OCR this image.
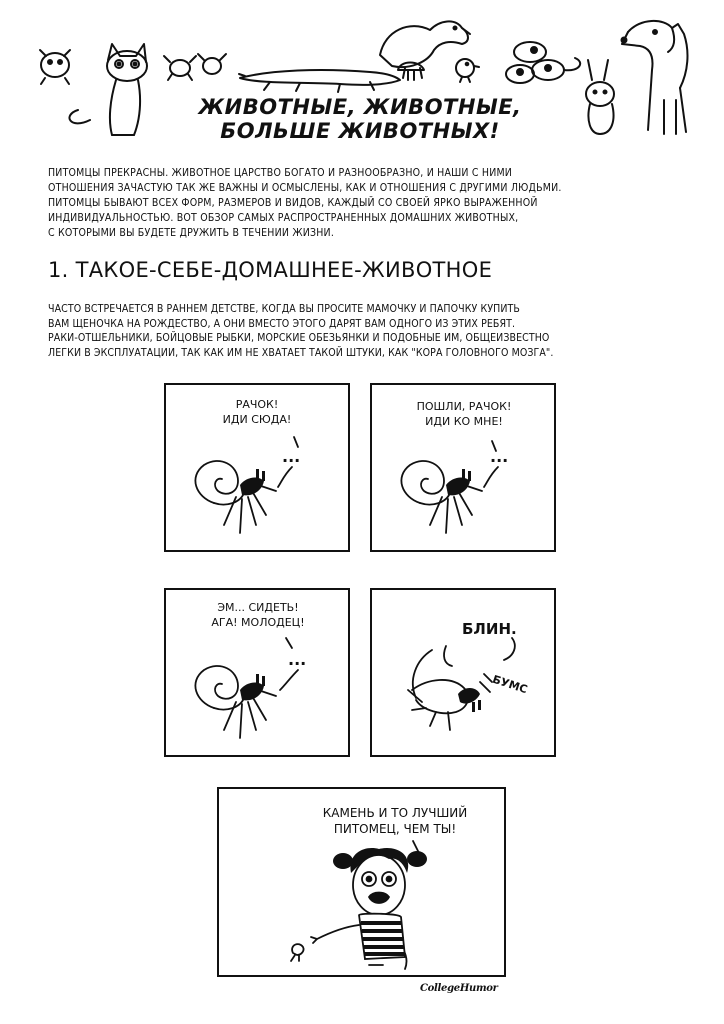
ЖИВОТНЫЕ, ЖИВОТНЫЕ,
БОЛЬШЕ ЖИВОТНЫХ!
ПИТОМЦЫ ПРЕКРАСНЫ. ЖИВОТНОЕ ЦАРСТВО БОГАТО И РАЗНООБРАЗНО, И НАШИ С НИМИ
ОТНОШЕНИЯ ЗАЧАСТУЮ ТАК ЖЕ ВАЖНЫ И ОСМЫСЛЕНЫ, КАК И ОТНОШЕНИЯ С ДРУГИМИ ЛЮДЬМИ.
ПИТОМЦЫ БЫВАЮТ ВСЕХ ФОРМ, РАЗМЕРОВ И ВИДОВ, КАЖДЫЙ СО СВОЕЙ ЯРКО ВЫРАЖЕННОЙ
ИНДИВИДУАЛЬНОСТЬЮ. ВОТ ОБЗОР САМЫХ РАСПРОСТРАНЕННЫХ ДОМАШНИХ ЖИВОТНЫХ,
С КОТОРЫМИ ВЫ БУДЕТЕ ДРУЖИТЬ В ТЕЧЕНИИ ЖИЗНИ.
1. ТАКОЕ-СЕБЕ-ДОМАШНЕЕ-ЖИВОТНОЕ
ЧАСТО ВСТРЕЧАЕТСЯ В РАННЕМ ДЕТСТВЕ, КОГДА ВЫ ПРОСИТЕ МАМОЧКУ И ПАПОЧКУ КУПИТЬ
ВАМ ЩЕНОЧКА НА РОЖДЕСТВО, А ОНИ ВМЕСТО ЭТОГО ДАРЯТ ВАМ ОДНОГО ИЗ ЭТИХ РЕБЯТ.
РАКИ-ОТШЕЛЬНИКИ, БОЙЦОВЫЕ РЫБКИ, МОРСКИЕ ОБЕЗЬЯНКИ И ПОДОБНЫЕ ИМ, ОБЩЕИЗВЕСТНО
ЛЕГКИ В ЭКСПЛУАТАЦИИ, ТАК КАК ИМ НЕ ХВАТАЕТ ТАКОЙ ШТУКИ, КАК "КОРА ГОЛОВНОГО МОЗГА".
РАЧОК!
ИДИ СЮДА!
...
ПОШЛИ, РАЧОК!
ИДИ КО МНЕ!
...
ЭМ... СИДЕТЬ!
АГА! МОЛОДЕЦ!
...
БЛИН.
БУМС
КАМЕНЬ И ТО ЛУЧШИЙ
ПИТОМЕЦ, ЧЕМ ТЫ!
CollegeHumor
